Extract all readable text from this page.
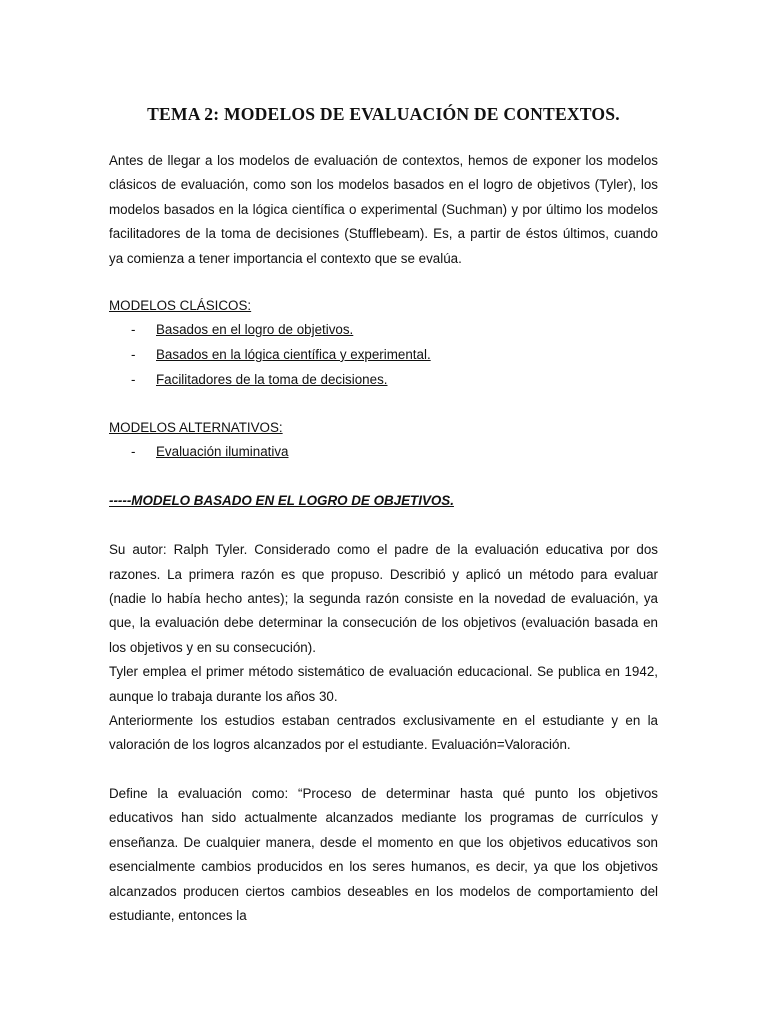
TEMA 2: MODELOS DE EVALUACIÓN DE CONTEXTOS.

Antes de llegar a los modelos de evaluación de contextos, hemos de exponer los modelos clásicos de evaluación, como son los modelos basados en el logro de objetivos (Tyler), los modelos basados en la lógica científica o experimental (Suchman) y por último los modelos facilitadores de la toma de decisiones (Stufflebeam). Es, a partir de éstos últimos, cuando ya comienza a tener importancia el contexto que se evalúa.

MODELOS CLÁSICOS:

- Basados en el logro de objetivos.
- Basados en la lógica científica y experimental.
- Facilitadores de la toma de decisiones.

MODELOS ALTERNATIVOS:

- Evaluación iluminativa

-----MODELO BASADO EN EL LOGRO DE OBJETIVOS.

Su autor: Ralph Tyler. Considerado como el padre de la evaluación educativa por dos razones. La primera razón es que propuso. Describió y aplicó un método para evaluar (nadie lo había hecho antes); la segunda razón consiste en la novedad de evaluación, ya que, la evaluación debe determinar la consecución de los objetivos (evaluación basada en los objetivos y en su consecución).

Tyler emplea el primer método sistemático de evaluación educacional. Se publica en 1942, aunque lo trabaja durante los años 30.

Anteriormente los estudios estaban centrados exclusivamente en el estudiante y en la valoración de los logros alcanzados por el estudiante. Evaluación=Valoración.

Define la evaluación como: “Proceso de determinar hasta qué punto los objetivos educativos han sido actualmente alcanzados mediante los programas de currículos y enseñanza. De cualquier manera, desde el momento en que los objetivos educativos son esencialmente cambios producidos en los seres humanos, es decir, ya que los objetivos alcanzados producen ciertos cambios deseables en los modelos de comportamiento del estudiante, entonces la
